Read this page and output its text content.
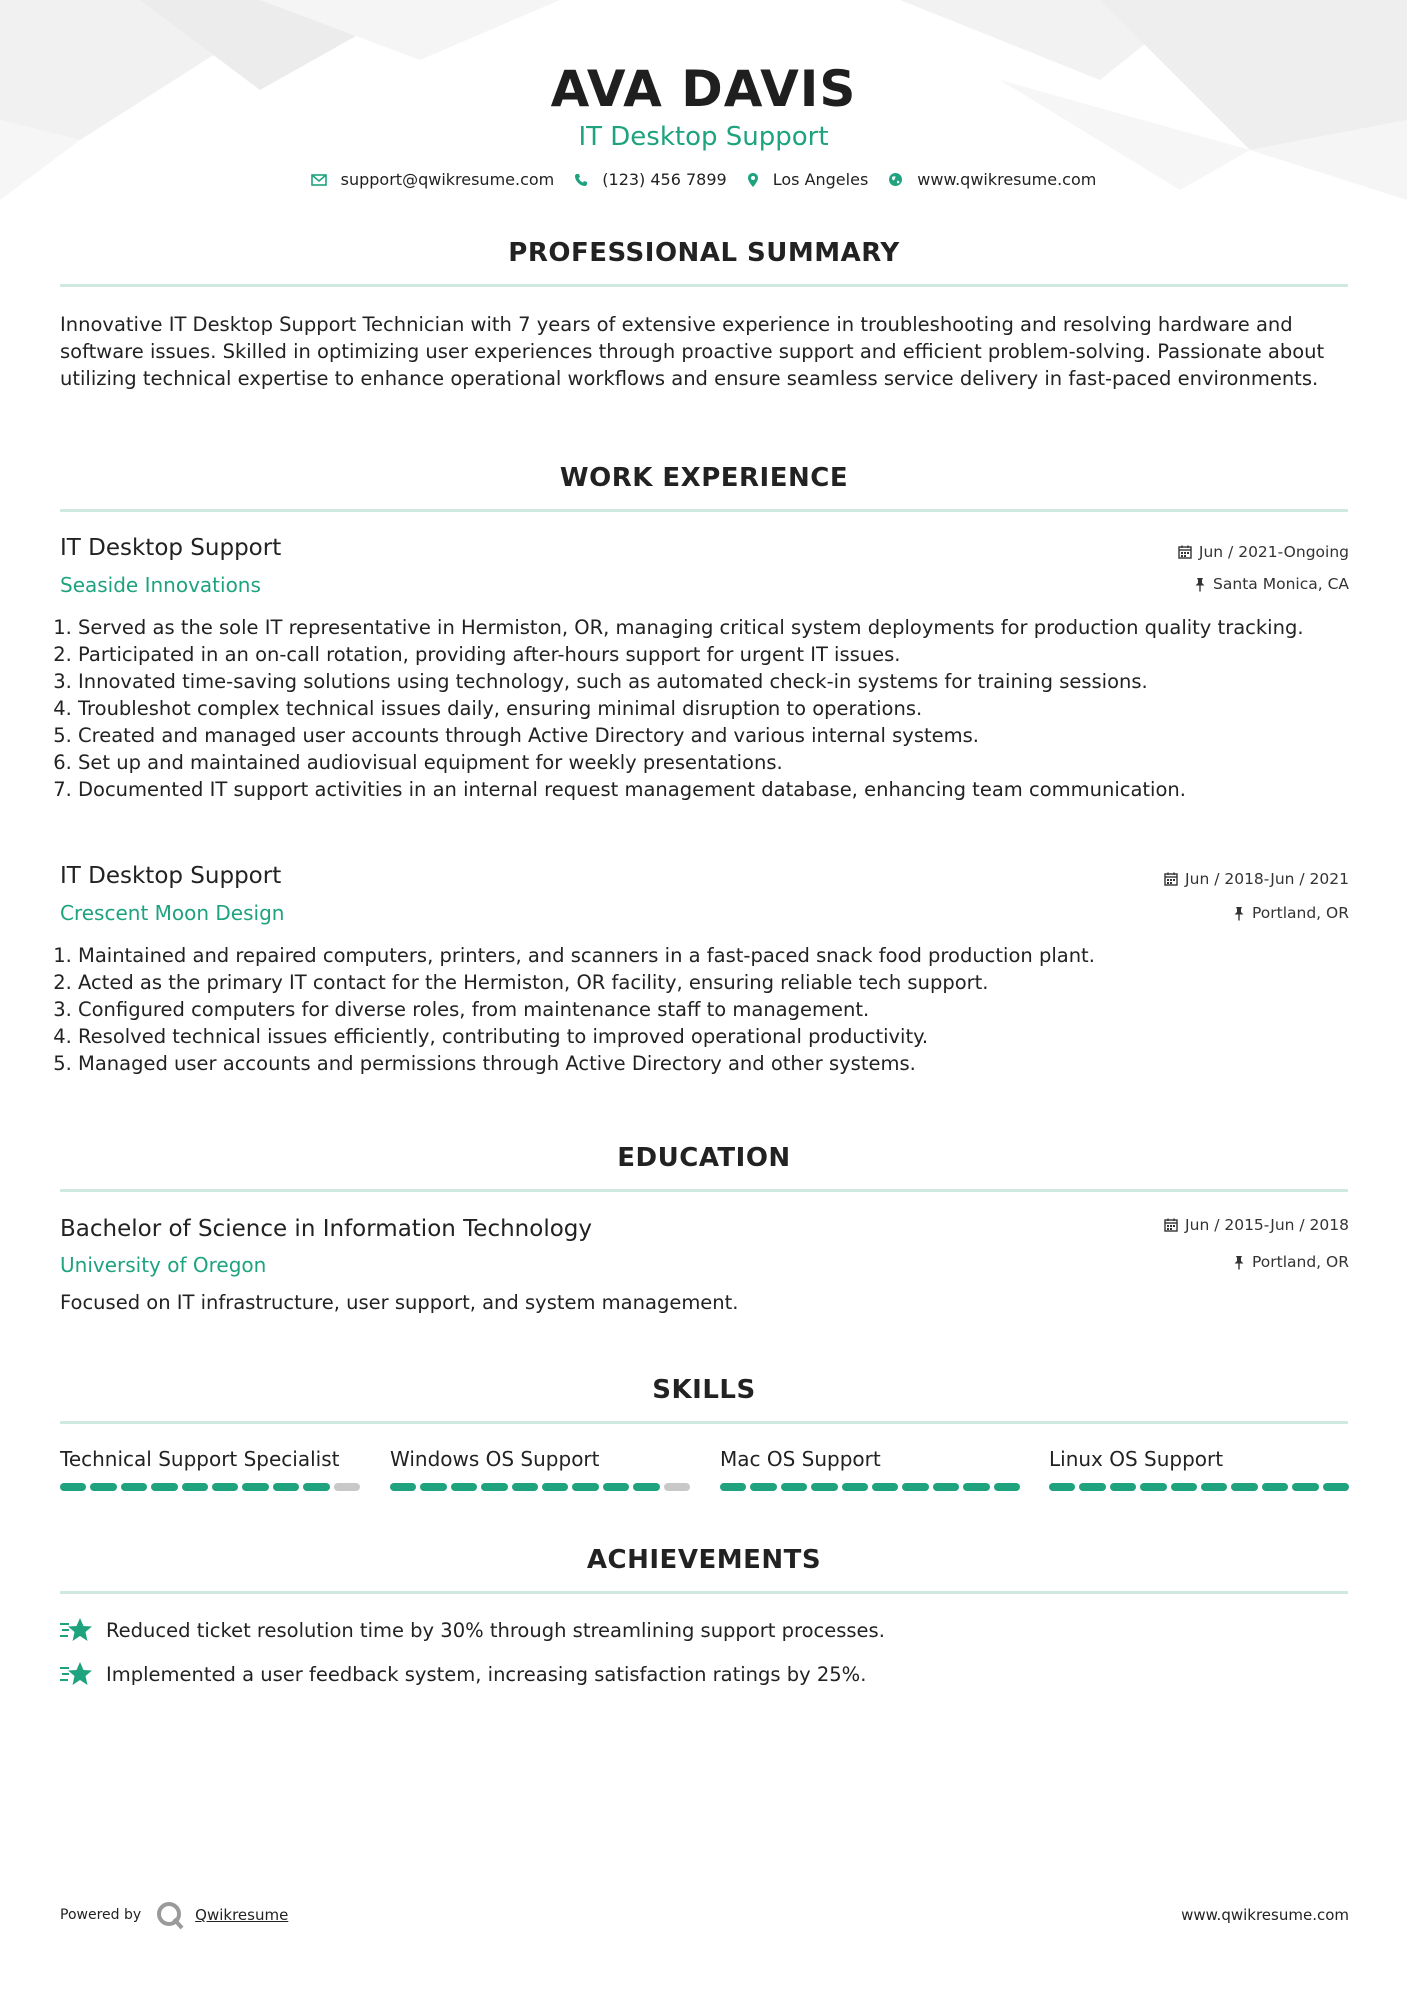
AVA DAVIS
IT Desktop Support
support@qwikresume.com	(123) 456 7899	Los Angeles	www.qwikresume.com
PROFESSIONAL SUMMARY
Innovative IT Desktop Support Technician with 7 years of extensive experience in troubleshooting and resolving hardware and software issues. Skilled in optimizing user experiences through proactive support and efficient problem-solving. Passionate about utilizing technical expertise to enhance operational workflows and ensure seamless service delivery in fast-paced environments.
WORK EXPERIENCE
IT Desktop Support	Jun / 2021-Ongoing
Seaside Innovations	Santa Monica, CA
1. Served as the sole IT representative in Hermiston, OR, managing critical system deployments for production quality tracking.
2. Participated in an on-call rotation, providing after-hours support for urgent IT issues.
3. Innovated time-saving solutions using technology, such as automated check-in systems for training sessions.
4. Troubleshot complex technical issues daily, ensuring minimal disruption to operations.
5. Created and managed user accounts through Active Directory and various internal systems.
6. Set up and maintained audiovisual equipment for weekly presentations.
7. Documented IT support activities in an internal request management database, enhancing team communication.
IT Desktop Support	Jun / 2018-Jun / 2021
Crescent Moon Design	Portland, OR
1. Maintained and repaired computers, printers, and scanners in a fast-paced snack food production plant.
2. Acted as the primary IT contact for the Hermiston, OR facility, ensuring reliable tech support.
3. Configured computers for diverse roles, from maintenance staff to management.
4. Resolved technical issues efficiently, contributing to improved operational productivity.
5. Managed user accounts and permissions through Active Directory and other systems.
EDUCATION
Bachelor of Science in Information Technology	Jun / 2015-Jun / 2018
University of Oregon	Portland, OR
Focused on IT infrastructure, user support, and system management.
SKILLS
Technical Support Specialist	Windows OS Support	Mac OS Support	Linux OS Support
ACHIEVEMENTS
Reduced ticket resolution time by 30% through streamlining support processes.
Implemented a user feedback system, increasing satisfaction ratings by 25%.
Powered by	Qwikresume	www.qwikresume.com
